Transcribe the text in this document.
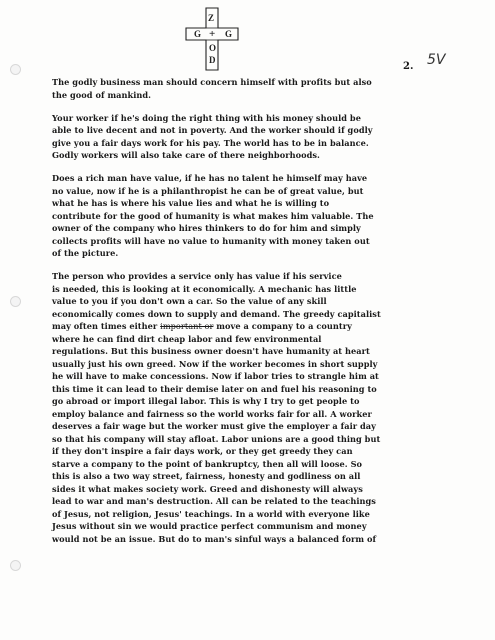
Z
G + G
O
D
2. 5V
The godly business man should concern himself with profits but also
the good of mankind.
Your worker if he's doing the right thing with his money should be
able to live decent and not in poverty. And the worker should if godly
give you a fair days work for his pay. The world has to be in balance.
Godly workers will also take care of there neighborhoods.
Does a rich man have value, if he has no talent he himself may have
no value, now if he is a philanthropist he can be of great value, but
what he has is where his value lies and what he is willing to
contribute for the good of humanity is what makes him valuable. The
owner of the company who hires thinkers to do for him and simply
collects profits will have no value to humanity with money taken out
of the picture.
The person who provides a service only has value if his service
is needed, this is looking at it economically. A mechanic has little
value to you if you don't own a car. So the value of any skill
economically comes down to supply and demand. The greedy capitalist
may often times either important or move a company to a country
where he can find dirt cheap labor and few environmental
regulations. But this business owner doesn't have humanity at heart
usually just his own greed. Now if the worker becomes in short supply
he will have to make concessions. Now if labor tries to strangle him at
this time it can lead to their demise later on and fuel his reasoning to
go abroad or import illegal labor. This is why I try to get people to
employ balance and fairness so the world works fair for all. A worker
deserves a fair wage but the worker must give the employer a fair day
so that his company will stay afloat. Labor unions are a good thing but
if they don't inspire a fair days work, or they get greedy they can
starve a company to the point of bankruptcy, then all will loose. So
this is also a two way street, fairness, honesty and godliness on all
sides it what makes society work. Greed and dishonesty will always
lead to war and man's destruction. All can be related to the teachings
of Jesus, not religion, Jesus' teachings. In a world with everyone like
Jesus without sin we would practice perfect communism and money
would not be an issue. But do to man's sinful ways a balanced form of
